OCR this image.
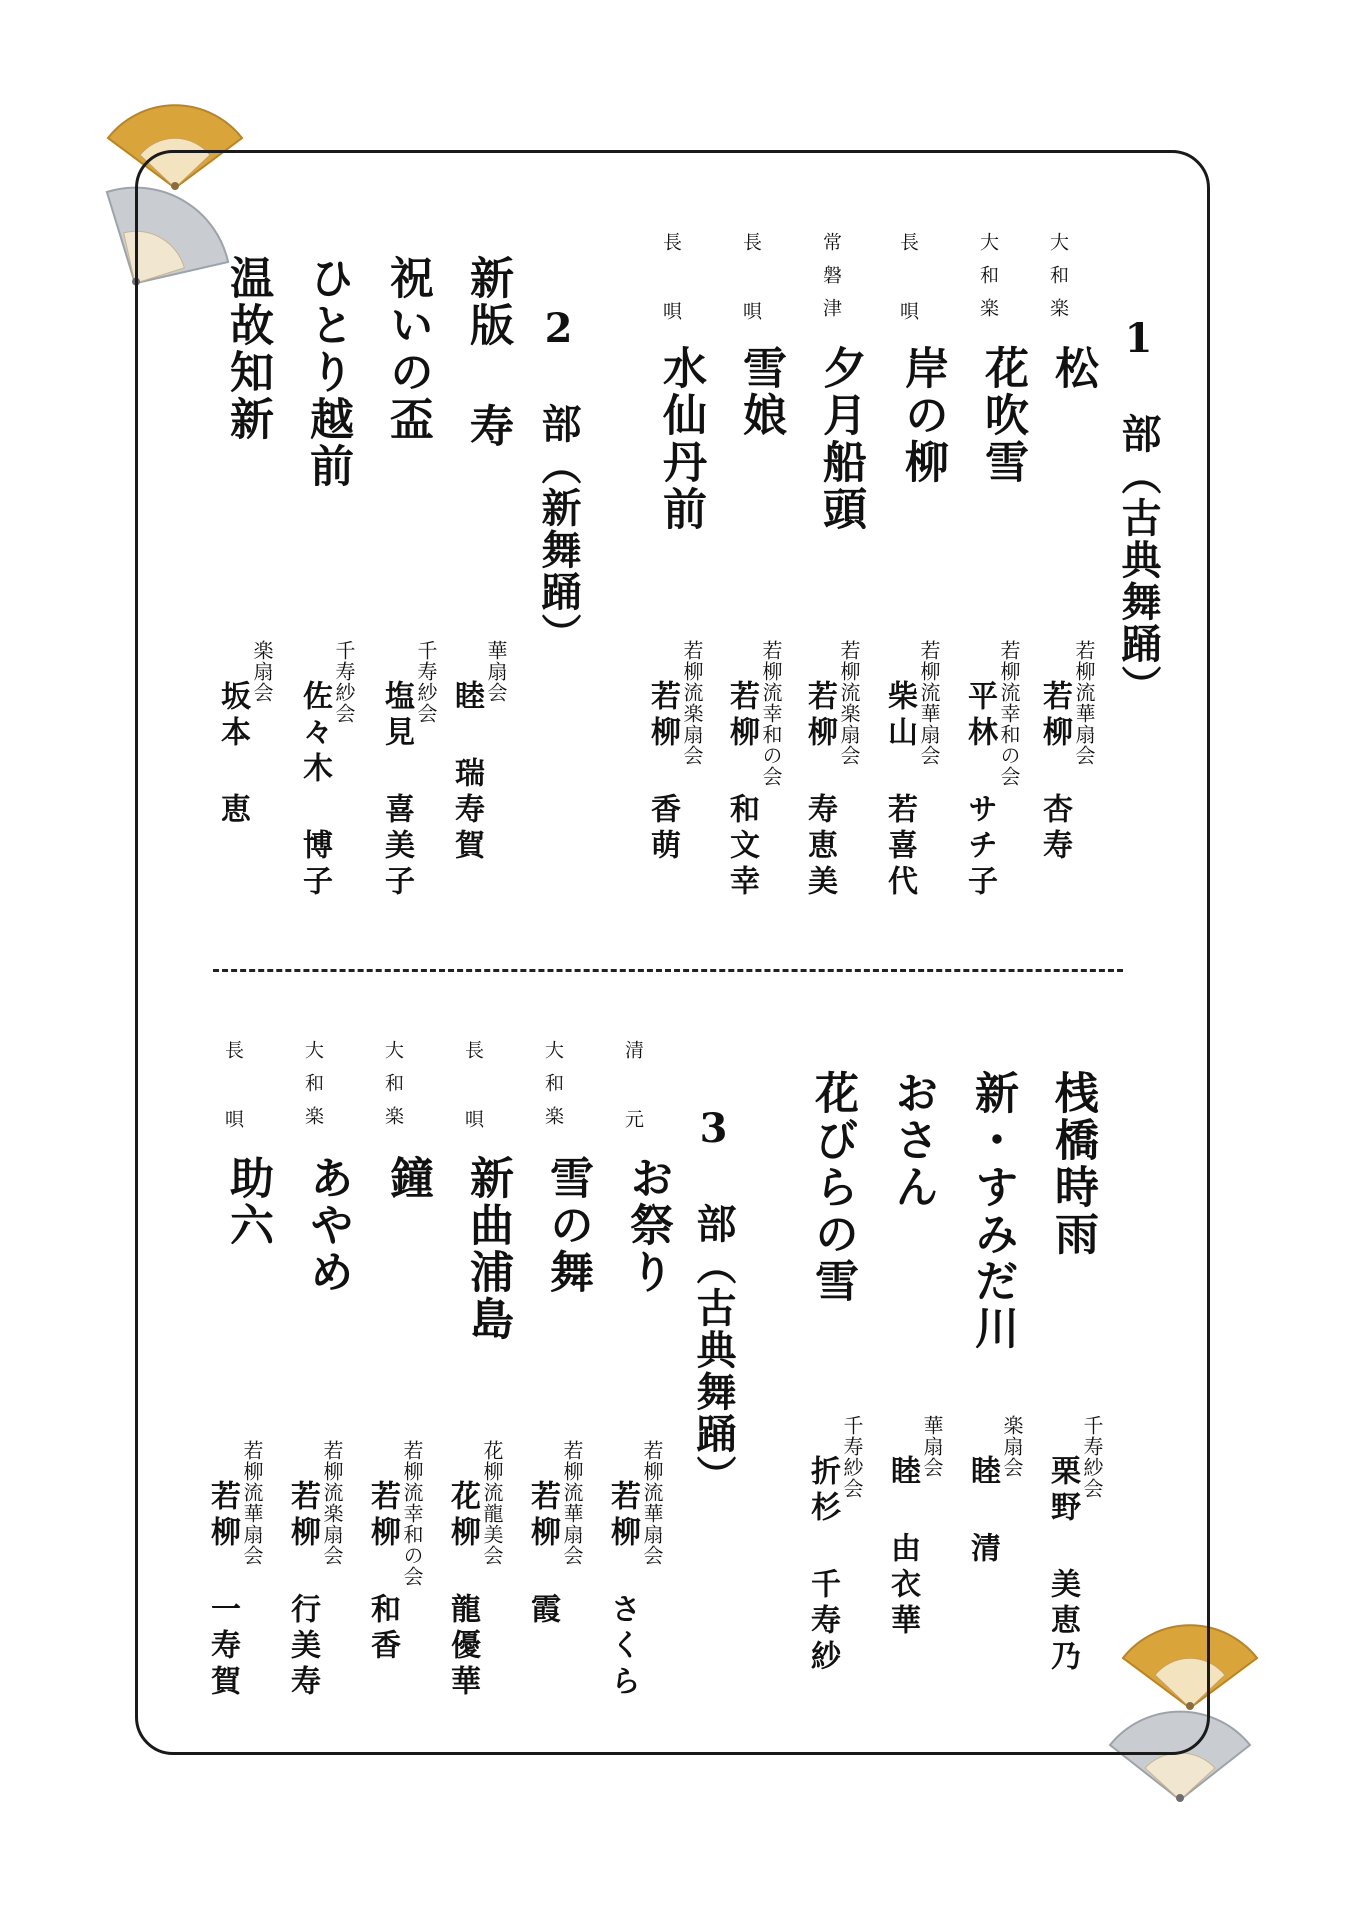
1 部（古典舞踊）
大和楽
松
大和楽
花吹雪
長 唄
岸の柳
常磐津
夕月船頭
長 唄
雪娘
長 唄
水仙丹前
若柳流華扇会
若柳 杏寿
若柳流幸和の会
平林 サチ子
若柳流華扇会
柴山 若喜代
若柳流楽扇会
若柳 寿恵美
若柳流幸和の会
若柳 和文幸
若柳流楽扇会
若柳 香萌
2 部（新舞踊）
新版 寿
祝いの盃
ひとり越前
温故知新
華扇会
睦 瑞寿賀
千寿紗会
塩見 喜美子
千寿紗会
佐々木 博子
楽扇会
坂本 恵
桟橋時雨
新・すみだ川
おさん
花びらの雪
千寿紗会
栗野 美恵乃
楽扇会
睦 清
華扇会
睦 由衣華
千寿紗会
折杉 千寿紗
3 部（古典舞踊）
清 元
お祭り
大和楽
雪の舞
長 唄
新曲浦島
大和楽
鐘
大和楽
あやめ
長 唄
助六
若柳流華扇会
若柳 さくら
若柳流華扇会
若柳 霞
花柳流龍美会
花柳 龍優華
若柳流幸和の会
若柳 和香
若柳流楽扇会
若柳 行美寿
若柳流華扇会
若柳 一寿賀
